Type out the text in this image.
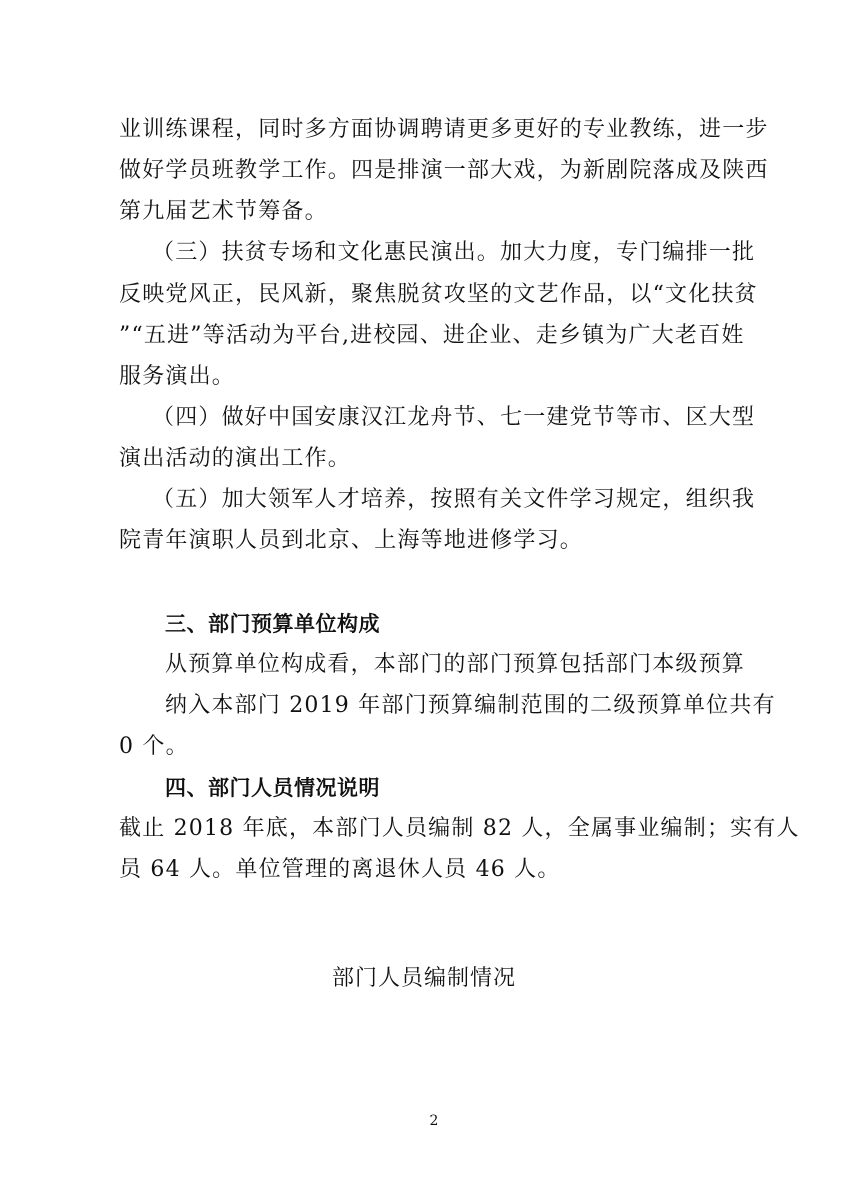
业训练课程，同时多方面协调聘请更多更好的专业教练，进一步
做好学员班教学工作。四是排演一部大戏，为新剧院落成及陕西
第九届艺术节筹备。
（三）扶贫专场和文化惠民演出。加大力度，专门编排一批
反映党风正，民风新，聚焦脱贫攻坚的文艺作品，以“文化扶贫
”“五进”等活动为平台,进校园、进企业、走乡镇为广大老百姓
服务演出。
（四）做好中国安康汉江龙舟节、七一建党节等市、区大型
演出活动的演出工作。
（五）加大领军人才培养，按照有关文件学习规定，组织我
院青年演职人员到北京、上海等地进修学习。
三、部门预算单位构成
从预算单位构成看，本部门的部门预算包括部门本级预算
纳入本部门 2019 年部门预算编制范围的二级预算单位共有
0 个。
四、部门人员情况说明
截止 2018 年底，本部门人员编制 82 人，全属事业编制；实有人
员 64 人。单位管理的离退休人员 46 人。
部门人员编制情况
2
